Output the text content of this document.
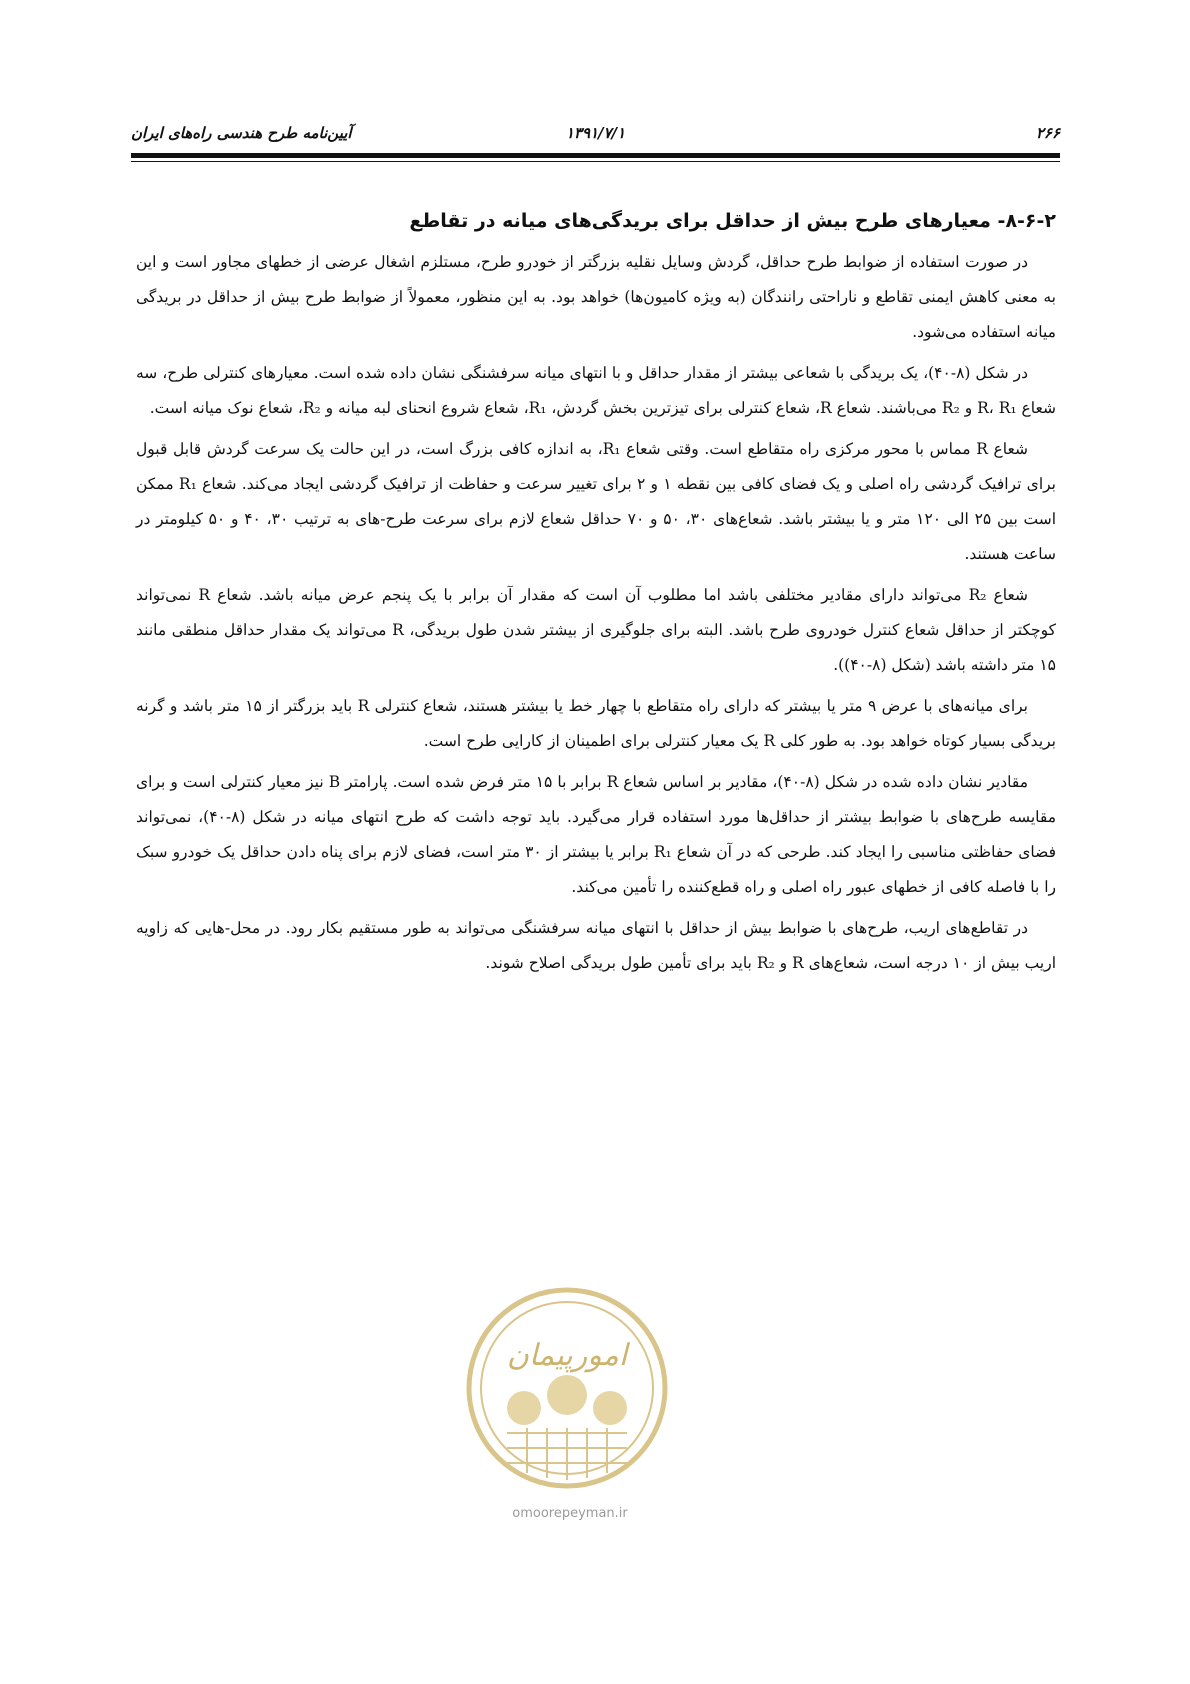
۲۶۶
۱۳۹۱/۷/۱
آیین‌نامه طرح هندسی راه‌های ایران
۸-۶-۲- معیارهای طرح بیش از حداقل برای بریدگی‌های میانه در تقاطع

در صورت استفاده از ضوابط طرح حداقل، گردش وسایل نقلیه بزرگتر از خودرو طرح، مستلزم اشغال عرضی از خطهای مجاور است و این به معنی کاهش ایمنی تقاطع و ناراحتی رانندگان (به ویژه کامیون‌ها) خواهد بود. به این منظور، معمولاً از ضوابط طرح بیش از حداقل در بریدگی میانه استفاده می‌شود.

در شکل (۸-۴۰)، یک بریدگی با شعاعی بیشتر از مقدار حداقل و با انتهای میانه سرفشنگی نشان داده شده است. معیارهای کنترلی طرح، سه شعاع R، R₁ و R₂ می‌باشند. شعاع R، شعاع کنترلی برای تیزترین بخش گردش، R₁، شعاع شروع انحنای لبه میانه و R₂، شعاع نوک میانه است.

شعاع R مماس با محور مرکزی راه متقاطع است. وقتی شعاع R₁، به اندازه کافی بزرگ است، در این حالت یک سرعت گردش قابل قبول برای ترافیک گردشی راه اصلی و یک فضای کافی بین نقطه ۱ و ۲ برای تغییر سرعت و حفاظت از ترافیک گردشی ایجاد می‌کند. شعاع R₁ ممکن است بین ۲۵ الی ۱۲۰ متر و یا بیشتر باشد. شعاع‌های ۳۰، ۵۰ و ۷۰ حداقل شعاع لازم برای سرعت طرح-های به ترتیب ۳۰، ۴۰ و ۵۰ کیلومتر در ساعت هستند.

شعاع R₂ می‌تواند دارای مقادیر مختلفی باشد اما مطلوب آن است که مقدار آن برابر با یک پنجم عرض میانه باشد. شعاع R نمی‌تواند کوچکتر از حداقل شعاع کنترل خودروی طرح باشد. البته برای جلوگیری از بیشتر شدن طول بریدگی، R می‌تواند یک مقدار حداقل منطقی مانند ۱۵ متر داشته باشد (شکل (۸-۴۰)).

برای میانه‌های با عرض ۹ متر یا بیشتر که دارای راه متقاطع با چهار خط یا بیشتر هستند، شعاع کنترلی R باید بزرگتر از ۱۵ متر باشد و گرنه بریدگی بسیار کوتاه خواهد بود. به طور کلی R یک معیار کنترلی برای اطمینان از کارایی طرح است.

مقادیر نشان داده شده در شکل (۸-۴۰)، مقادیر بر اساس شعاع R برابر با ۱۵ متر فرض شده است. پارامتر B نیز معیار کنترلی است و برای مقایسه طرح‌های با ضوابط بیشتر از حداقل‌ها مورد استفاده قرار می‌گیرد. باید توجه داشت که طرح انتهای میانه در شکل (۸-۴۰)، نمی‌تواند فضای حفاظتی مناسبی را ایجاد کند. طرحی که در آن شعاع R₁ برابر یا بیشتر از ۳۰ متر است، فضای لازم برای پناه دادن حداقل یک خودرو سبک را با فاصله کافی از خطهای عبور راه اصلی و راه قطع‌کننده را تأمین می‌کند.

در تقاطع‌های اریب، طرح‌های با ضوابط بیش از حداقل با انتهای میانه سرفشنگی می‌تواند به طور مستقیم بکار رود. در محل-هایی که زاویه اریب بیش از ۱۰ درجه است، شعاع‌های R و R₂ باید برای تأمین طول بریدگی اصلاح شوند.

امورپیمان
omoorepeyman.ir
